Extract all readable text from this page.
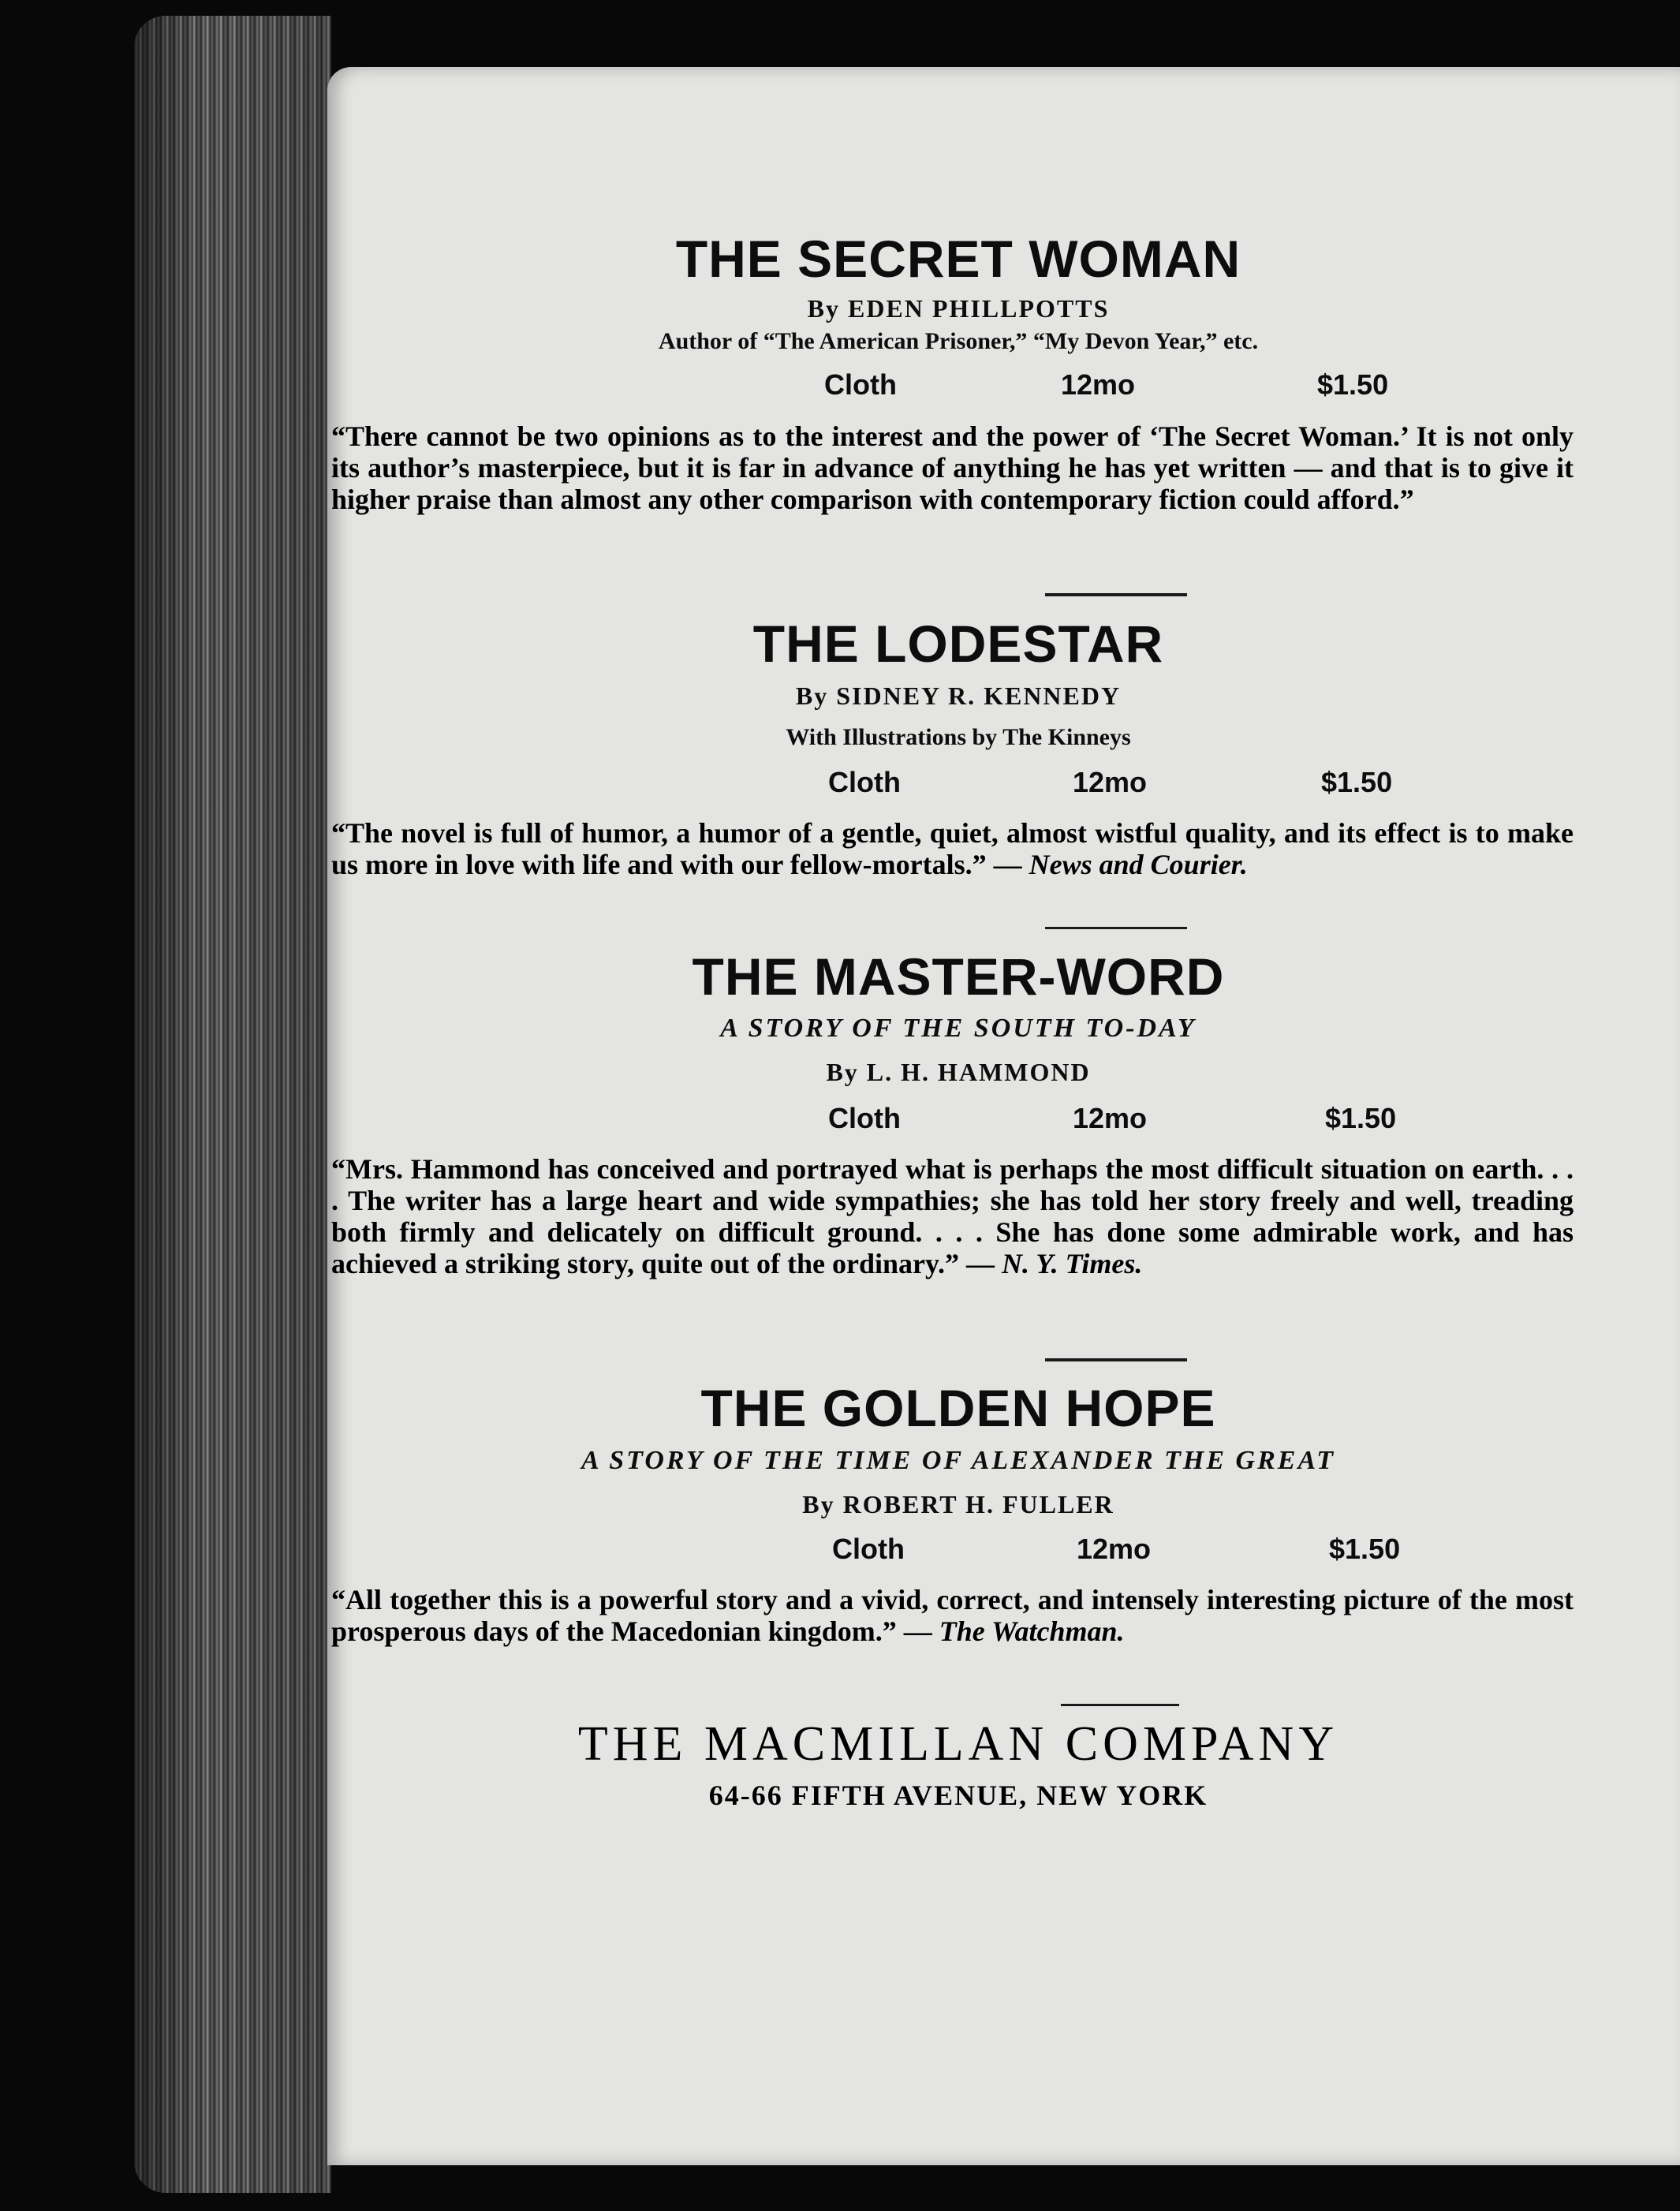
THE SECRET WOMAN
By EDEN PHILLPOTTS
Author of “The American Prisoner,” “My Devon Year,” etc.
Cloth	12mo	$1.50

“There cannot be two opinions as to the interest and the power of ‘The Secret Woman.’ It is not only its author’s masterpiece, but it is far in advance of anything he has yet written — and that is to give it higher praise than almost any other comparison with contemporary fiction could afford.”

THE LODESTAR
By SIDNEY R. KENNEDY
With Illustrations by The Kinneys
Cloth	12mo	$1.50

“The novel is full of humor, a humor of a gentle, quiet, almost wistful quality, and its effect is to make us more in love with life and with our fellow-mortals.” — News and Courier.

THE MASTER-WORD
A STORY OF THE SOUTH TO-DAY
By L. H. HAMMOND
Cloth	12mo	$1.50

“Mrs. Hammond has conceived and portrayed what is perhaps the most difficult situation on earth. . . . The writer has a large heart and wide sympathies; she has told her story freely and well, treading both firmly and delicately on difficult ground. . . . She has done some admirable work, and has achieved a striking story, quite out of the ordinary.” — N. Y. Times.

THE GOLDEN HOPE
A STORY OF THE TIME OF ALEXANDER THE GREAT
By ROBERT H. FULLER
Cloth	12mo	$1.50

“All together this is a powerful story and a vivid, correct, and intensely interesting picture of the most prosperous days of the Macedonian kingdom.” — The Watchman.

THE MACMILLAN COMPANY
64-66 FIFTH AVENUE, NEW YORK
